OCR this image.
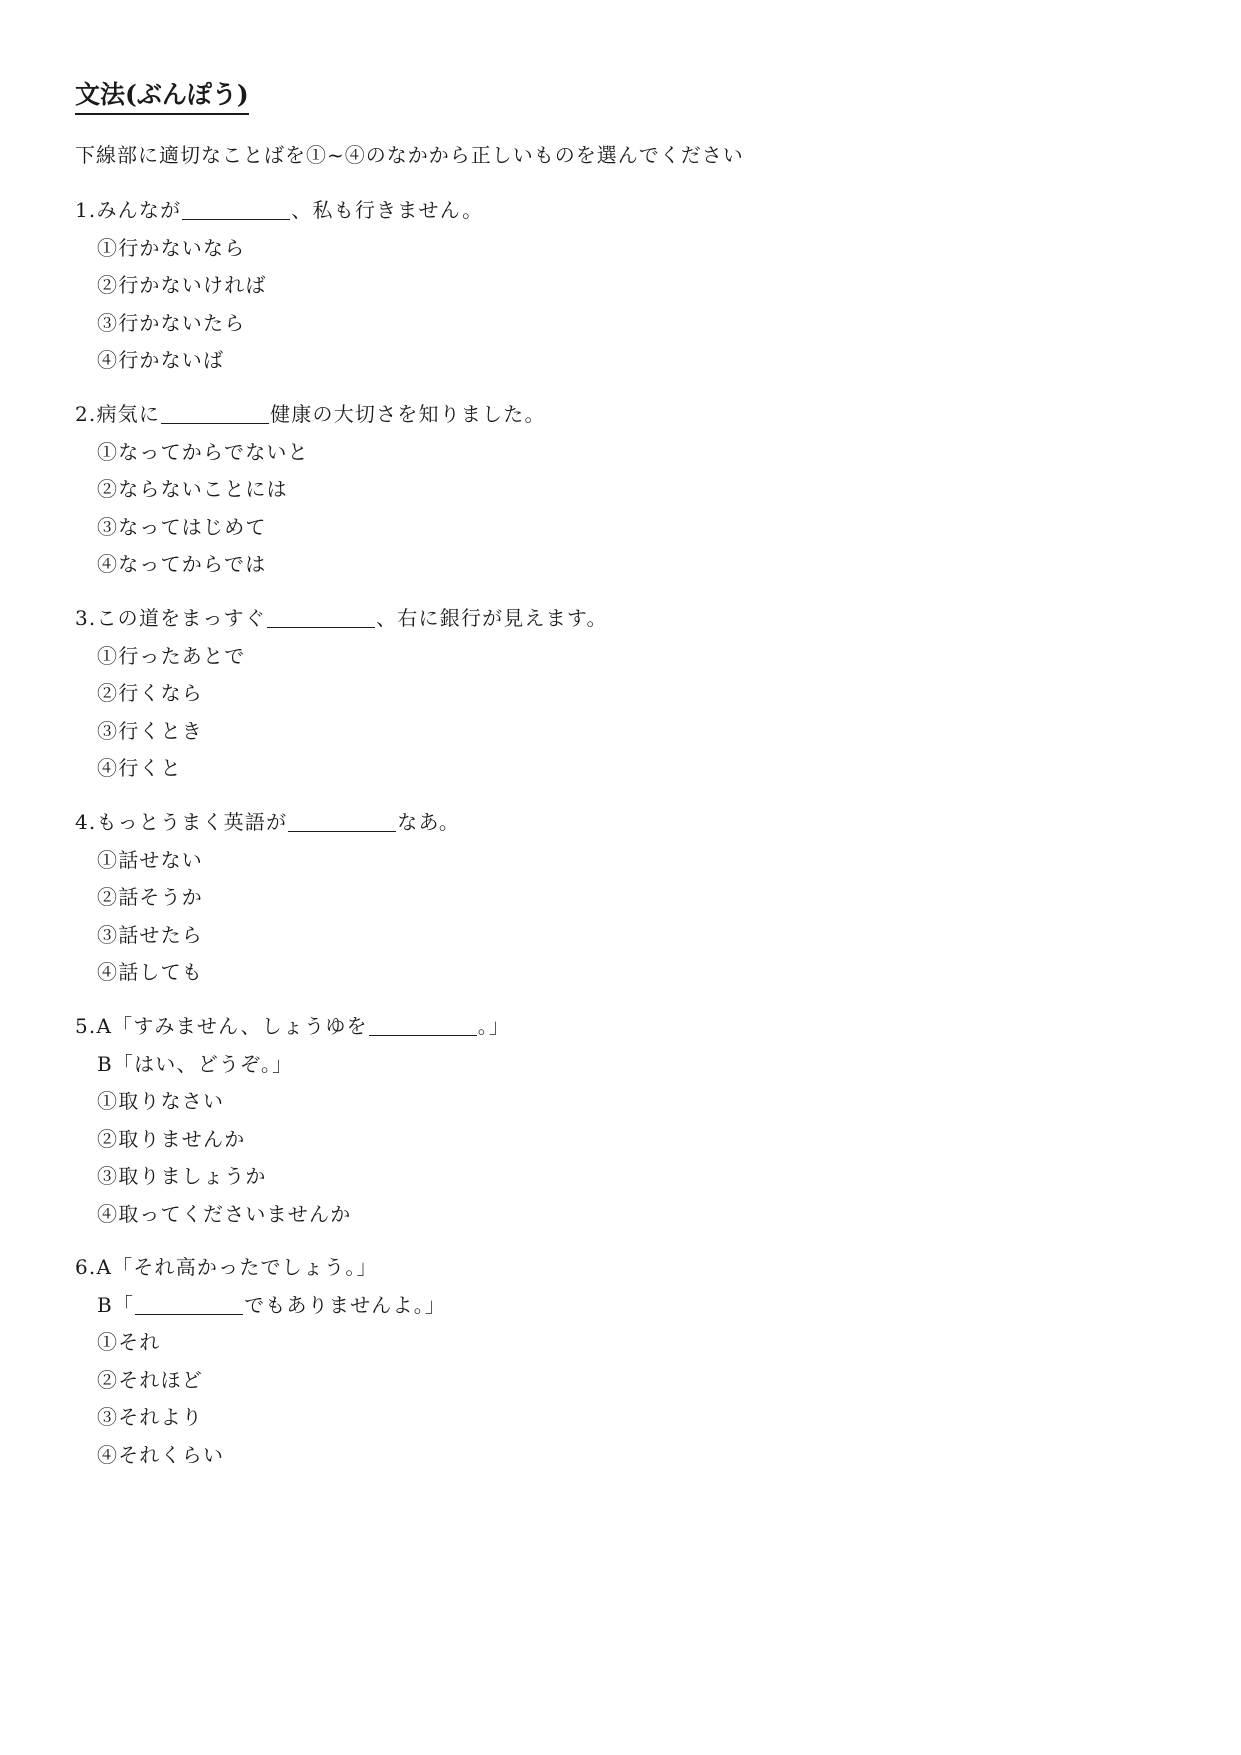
文法(ぶんぽう)
下線部に適切なことばを①~④のなかから正しいものを選んでください
1.みんなが	、私も行きません。
①行かないなら
②行かないければ
③行かないたら
④行かないば
2.病気に	健康の大切さを知りました。
①なってからでないと
②ならないことには
③なってはじめて
④なってからでは
3.この道をまっすぐ	、右に銀行が見えます。
①行ったあとで
②行くなら
③行くとき
④行くと
4.もっとうまく英語が	なあ。
①話せない
②話そうか
③話せたら
④話しても
5.A「すみません、しょうゆを	。」
B「はい、どうぞ。」
①取りなさい
②取りませんか
③取りましょうか
④取ってくださいませんか
6.A「それ高かったでしょう。」
B「	でもありませんよ。」
①それ
②それほど
③それより
④それくらい
